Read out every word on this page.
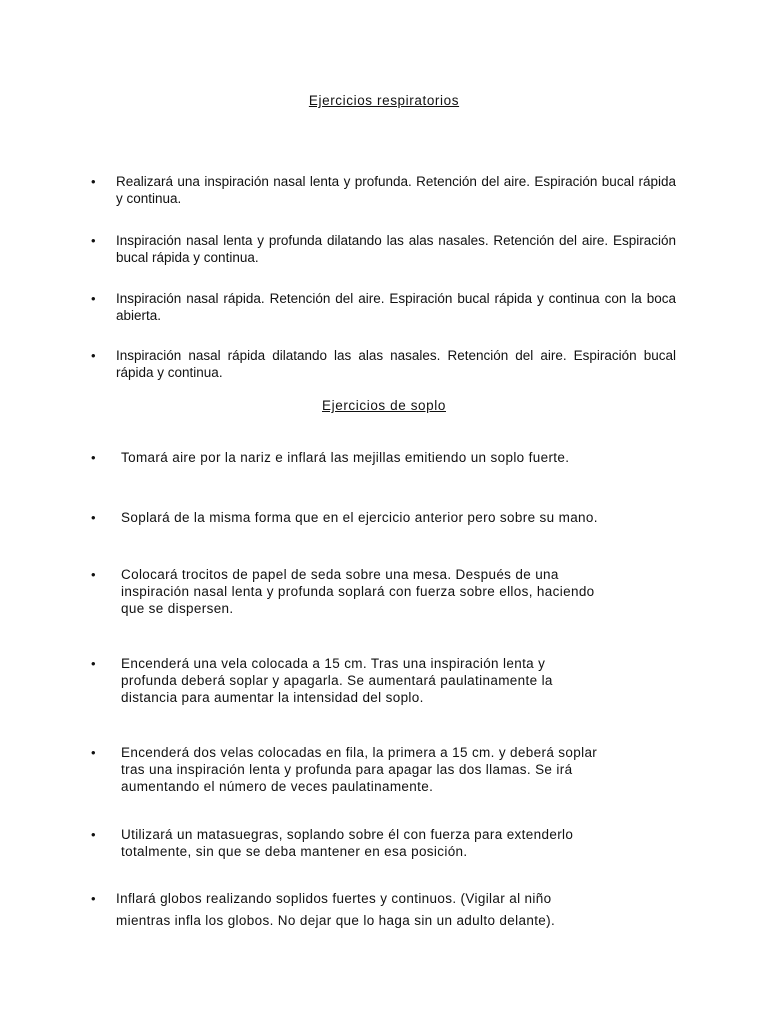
Ejercicios respiratorios
• Realizará una inspiración nasal lenta y profunda. Retención del aire. Espiración bucal rápida y continua.
• Inspiración nasal lenta y profunda dilatando las alas nasales. Retención del aire. Espiración bucal rápida y continua.
• Inspiración nasal rápida. Retención del aire. Espiración bucal rápida y continua con la boca abierta.
• Inspiración nasal rápida dilatando las alas nasales. Retención del aire. Espiración bucal rápida y continua.
Ejercicios de soplo
• Tomará aire por la nariz e inflará las mejillas emitiendo un soplo fuerte.
• Soplará de la misma forma que en el ejercicio anterior pero sobre su mano.
• Colocará trocitos de papel de seda sobre una mesa. Después de una
inspiración nasal lenta y profunda soplará con fuerza sobre ellos, haciendo
que se dispersen.
• Encenderá una vela colocada a 15 cm. Tras una inspiración lenta y
profunda deberá soplar y apagarla. Se aumentará paulatinamente la
distancia para aumentar la intensidad del soplo.
• Encenderá dos velas colocadas en fila, la primera a 15 cm. y deberá soplar
tras una inspiración lenta y profunda para apagar las dos llamas. Se irá
aumentando el número de veces paulatinamente.
• Utilizará un matasuegras, soplando sobre él con fuerza para extenderlo
totalmente, sin que se deba mantener en esa posición.
• Inflará globos realizando soplidos fuertes y continuos. (Vigilar al niño
mientras infla los globos. No dejar que lo haga sin un adulto delante).
